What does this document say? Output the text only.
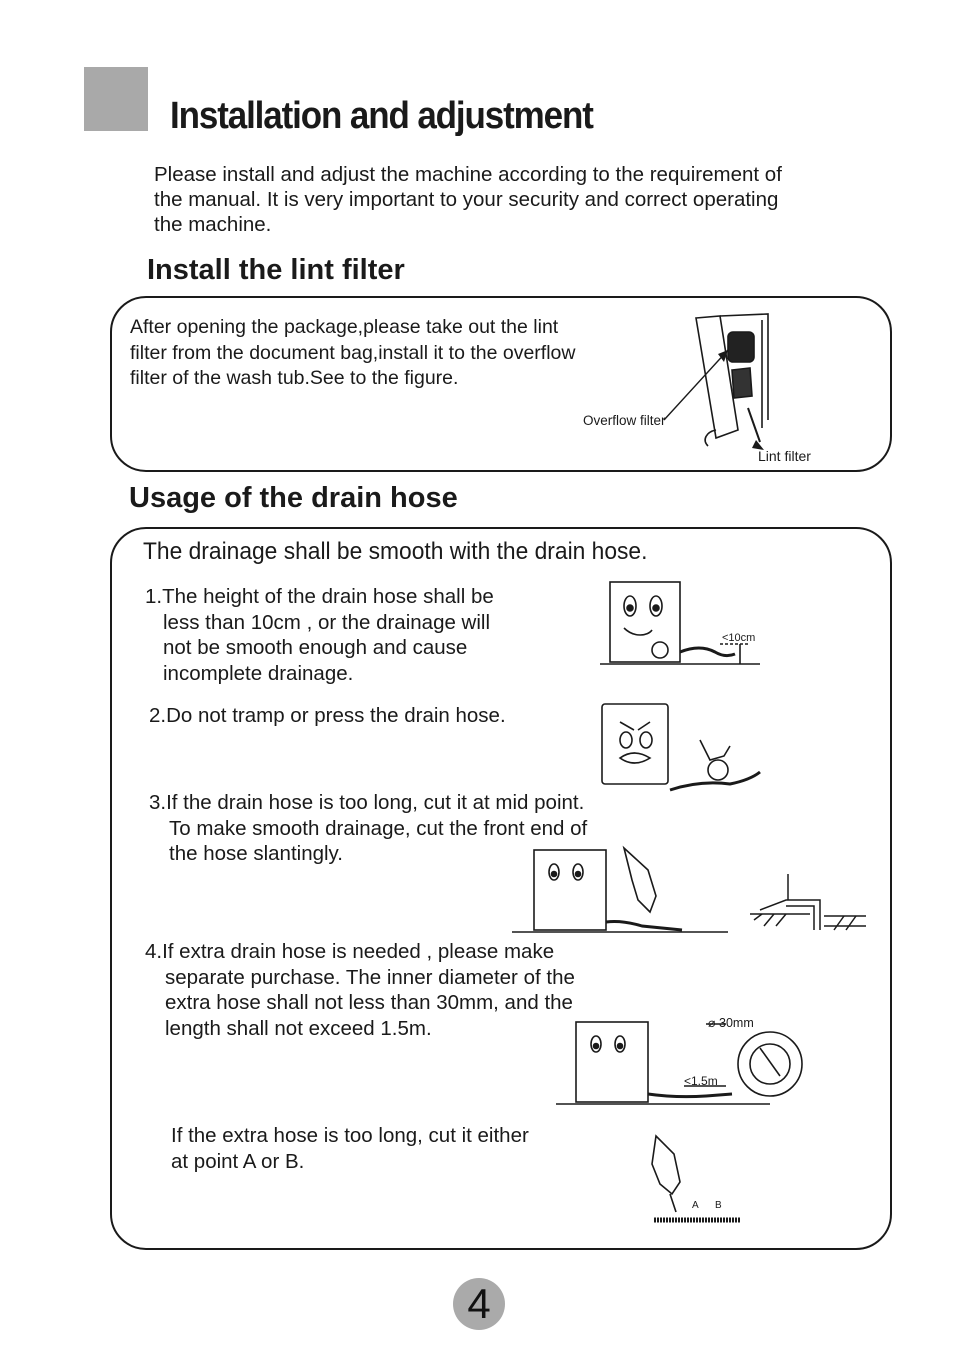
Installation and adjustment
Please install and adjust the machine according to the requirement of
the manual. It is very important to your security and correct operating
the machine.
Install the lint filter
After opening the package,please take out the lint
filter from the document bag,install it to the overflow
filter of the wash tub.See to the figure.
Overflow filter
Lint filter
Usage of the drain hose
The drainage shall be smooth with the drain hose.
1.The height of the drain hose shall be
less than 10cm , or the drainage will
not be smooth enough and cause
incomplete drainage.
<10cm
2.Do not tramp or press the drain hose.
3.If the drain hose is too long, cut it at mid point.
To make smooth drainage, cut the front end of
the hose slantingly.
4.If extra drain hose is needed , please make
separate purchase. The inner diameter of the
extra hose shall not less than 30mm, and the
length shall not exceed 1.5m.	⌀ 30mm
<1.5m
If the extra hose is too long, cut it either
at point A or B.
A B
4
